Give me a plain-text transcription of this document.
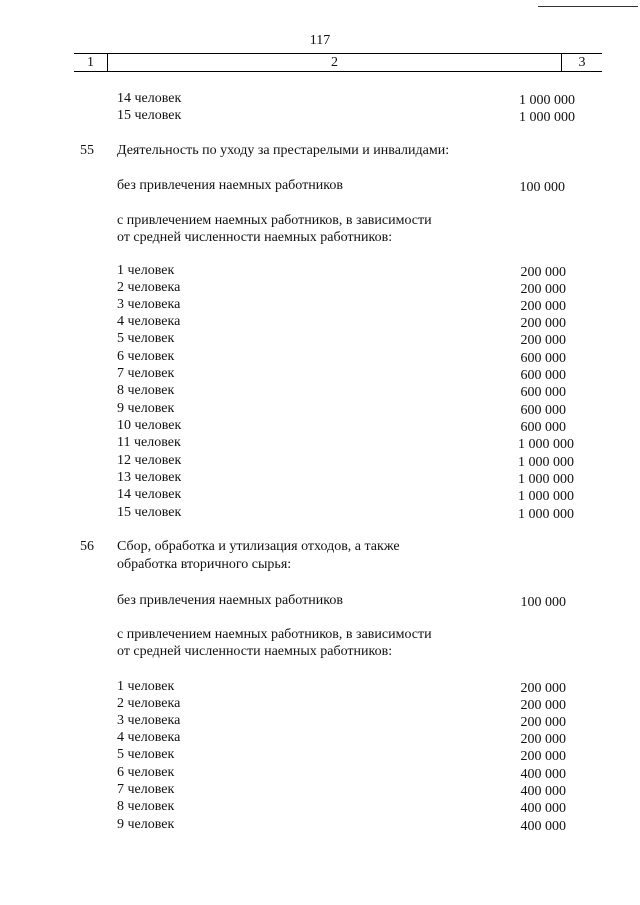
117
1	2	3
14 человек	1 000 000
15 человек	1 000 000
55 Деятельность по уходу за престарелыми и инвалидами:
без привлечения наемных работников	100 000
с привлечением наемных работников, в зависимости
от средней численности наемных работников:
1 человек	200 000
2 человека	200 000
3 человека	200 000
4 человека	200 000
5 человек	200 000
6 человек	600 000
7 человек	600 000
8 человек	600 000
9 человек	600 000
10 человек	600 000
11 человек	1 000 000
12 человек	1 000 000
13 человек	1 000 000
14 человек	1 000 000
15 человек	1 000 000
56 Сбор, обработка и утилизация отходов, а также
обработка вторичного сырья:
без привлечения наемных работников	100 000
с привлечением наемных работников, в зависимости
от средней численности наемных работников:
1 человек	200 000
2 человека	200 000
3 человека	200 000
4 человека	200 000
5 человек	200 000
6 человек	400 000
7 человек	400 000
8 человек	400 000
9 человек	400 000
